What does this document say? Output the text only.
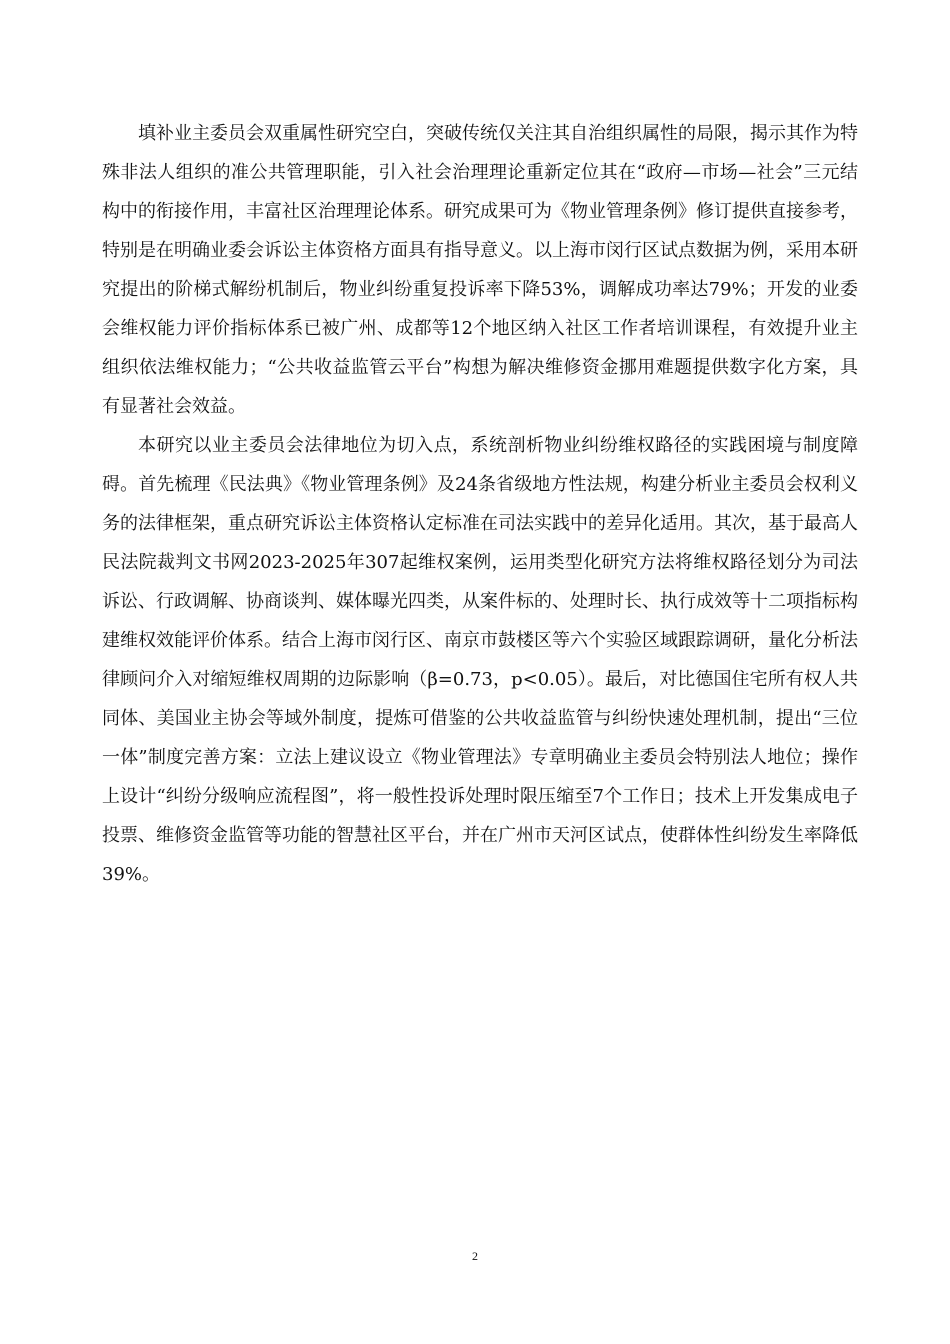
填补业主委员会双重属性研究空白，突破传统仅关注其自治组织属性的局限，揭示其作为特殊非法人组织的准公共管理职能，引入社会治理理论重新定位其在“政府—市场—社会”三元结构中的衔接作用，丰富社区治理理论体系。研究成果可为《物业管理条例》修订提供直接参考，特别是在明确业委会诉讼主体资格方面具有指导意义。以上海市闵行区试点数据为例，采用本研究提出的阶梯式解纷机制后，物业纠纷重复投诉率下降53%，调解成功率达79%；开发的业委会维权能力评价指标体系已被广州、成都等12个地区纳入社区工作者培训课程，有效提升业主组织依法维权能力；“公共收益监管云平台”构想为解决维修资金挪用难题提供数字化方案，具有显著社会效益。

本研究以业主委员会法律地位为切入点，系统剖析物业纠纷维权路径的实践困境与制度障碍。首先梳理《民法典》《物业管理条例》及24条省级地方性法规，构建分析业主委员会权利义务的法律框架，重点研究诉讼主体资格认定标准在司法实践中的差异化适用。其次，基于最高人民法院裁判文书网2023-2025年307起维权案例，运用类型化研究方法将维权路径划分为司法诉讼、行政调解、协商谈判、媒体曝光四类，从案件标的、处理时长、执行成效等十二项指标构建维权效能评价体系。结合上海市闵行区、南京市鼓楼区等六个实验区域跟踪调研，量化分析法律顾问介入对缩短维权周期的边际影响（β=0.73，p<0.05）。最后，对比德国住宅所有权人共同体、美国业主协会等域外制度，提炼可借鉴的公共收益监管与纠纷快速处理机制，提出“三位一体”制度完善方案：立法上建议设立《物业管理法》专章明确业主委员会特别法人地位；操作上设计“纠纷分级响应流程图”，将一般性投诉处理时限压缩至7个工作日；技术上开发集成电子投票、维修资金监管等功能的智慧社区平台，并在广州市天河区试点，使群体性纠纷发生率降低39%。

2
